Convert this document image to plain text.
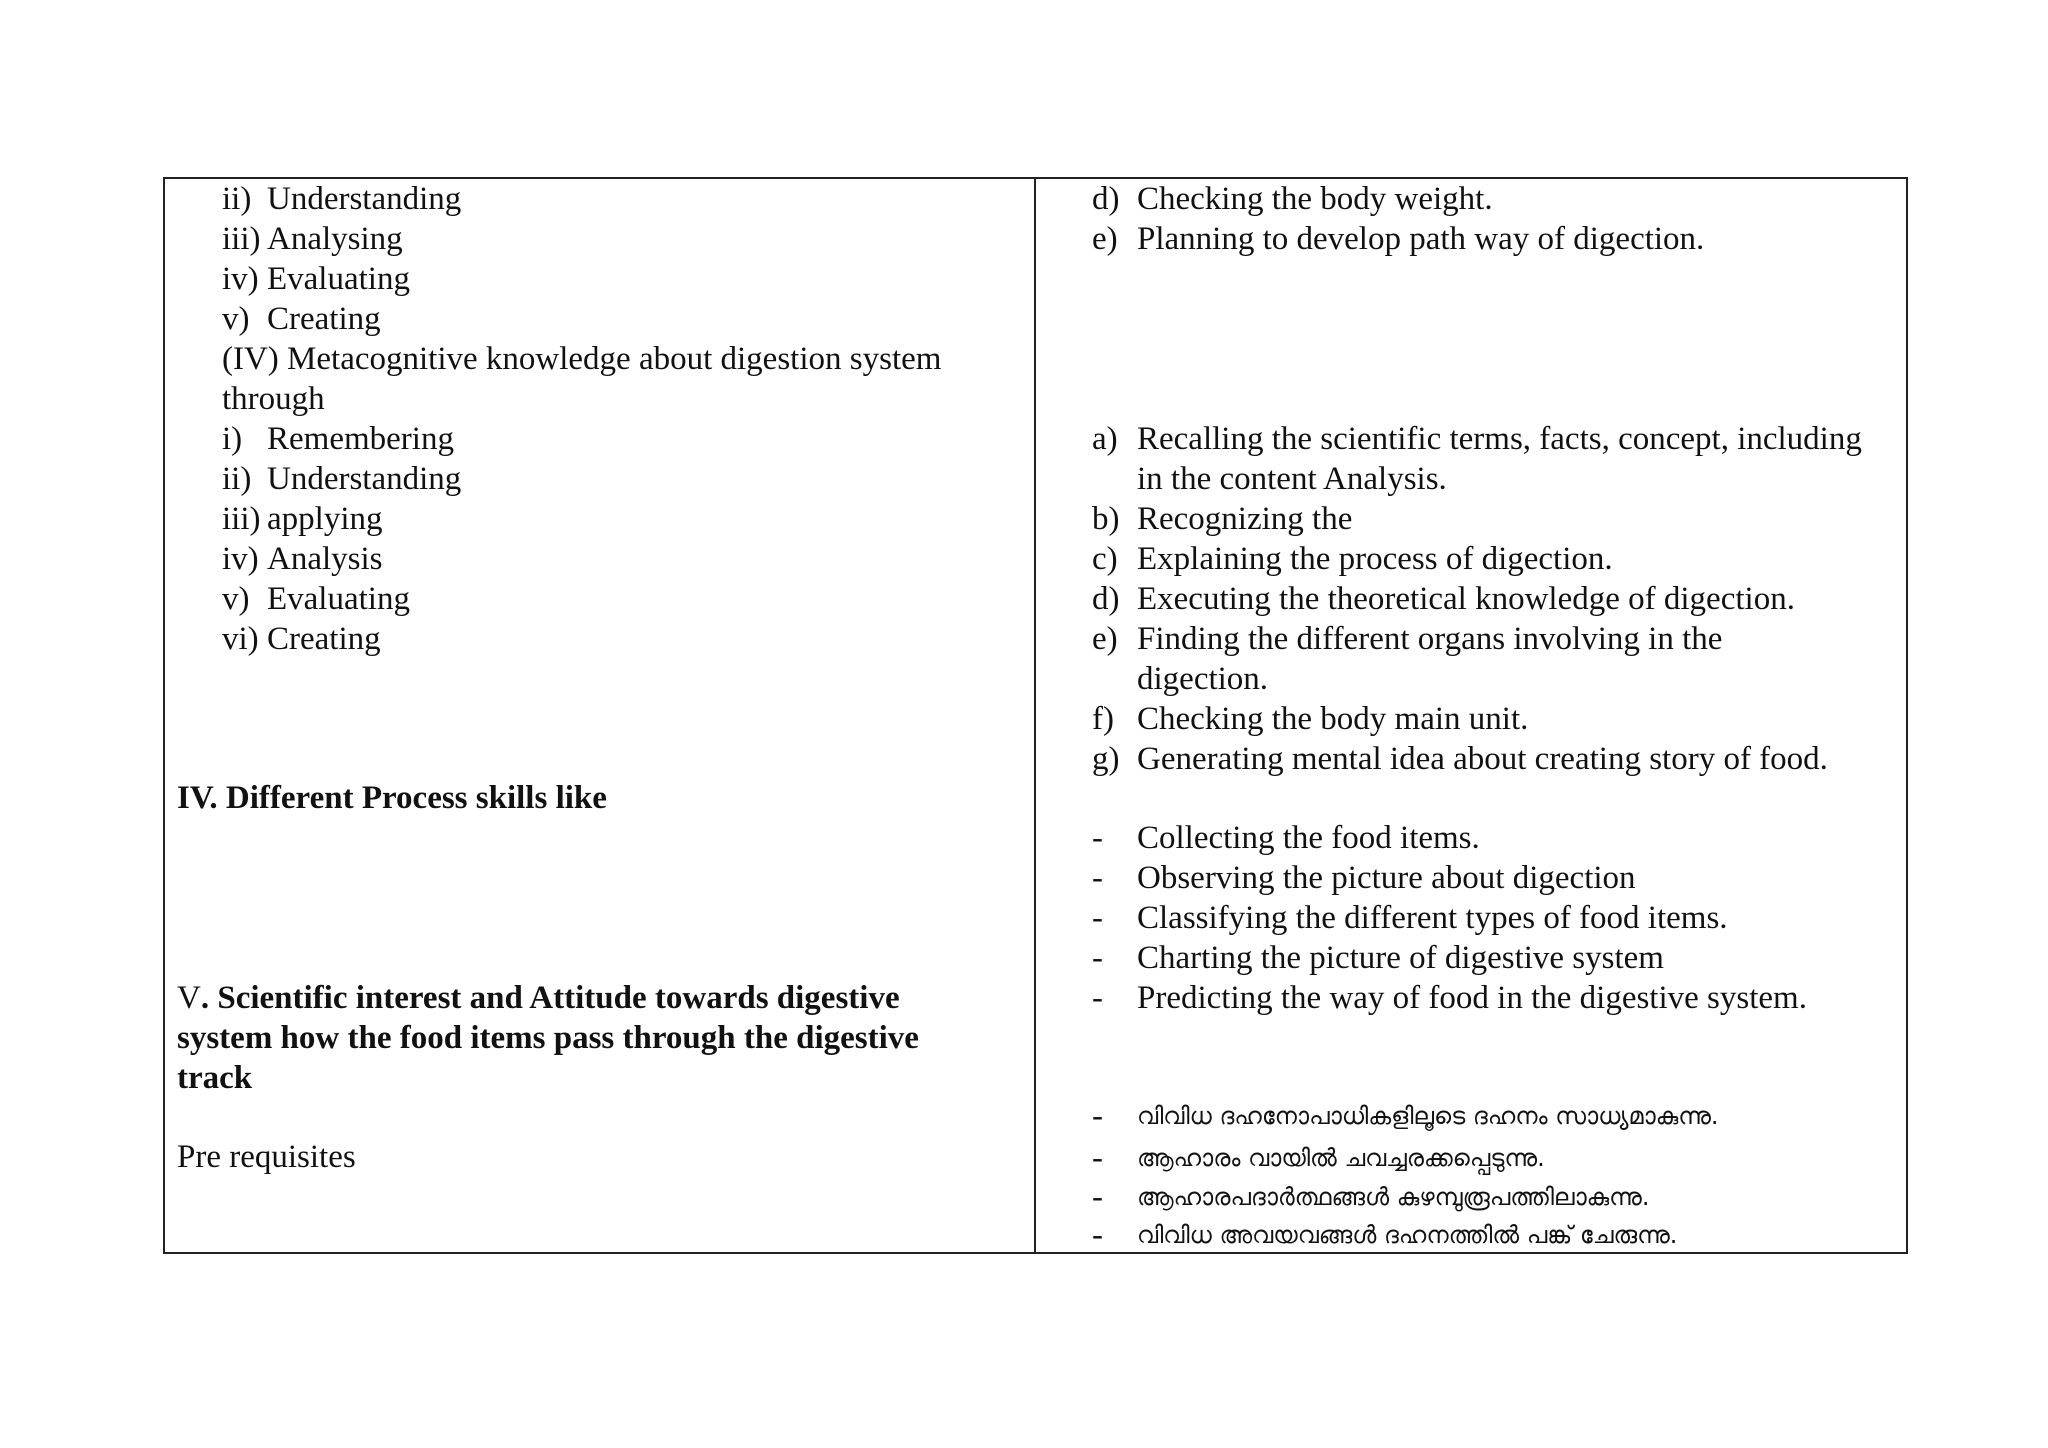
ii) Understanding
iii) Analysing
iv) Evaluating
v) Creating
(IV) Metacognitive knowledge about digestion system
through
i) Remembering
ii) Understanding
iii) applying
iv) Analysis
v) Evaluating
vi) Creating
IV. Different Process skills like
V. Scientific interest and Attitude towards digestive
system how the food items pass through the digestive
track
Pre requisites
d) Checking the body weight.
e) Planning to develop path way of digection.
a) Recalling the scientific terms, facts, concept, including
in the content Analysis.
b) Recognizing the
c) Explaining the process of digection.
d) Executing the theoretical knowledge of digection.
e) Finding the different organs involving in the
digection.
f) Checking the body main unit.
g) Generating mental idea about creating story of food.
- Collecting the food items.
- Observing the picture about digection
- Classifying the different types of food items.
- Charting the picture of digestive system
- Predicting the way of food in the digestive system.
- വിവിധ ദഹനോപാധികളിലൂടെ ദഹനം സാധ്യമാകുന്നു.
- ആഹാരം വായിൽ ചവച്ചരക്കപ്പെടുന്നു.
- ആഹാരപദാർത്ഥങ്ങൾ കുഴമ്പുരൂപത്തിലാകുന്നു.
- വിവിധ അവയവങ്ങൾ ദഹനത്തിൽ പങ്ക് ചേരുന്നു.
